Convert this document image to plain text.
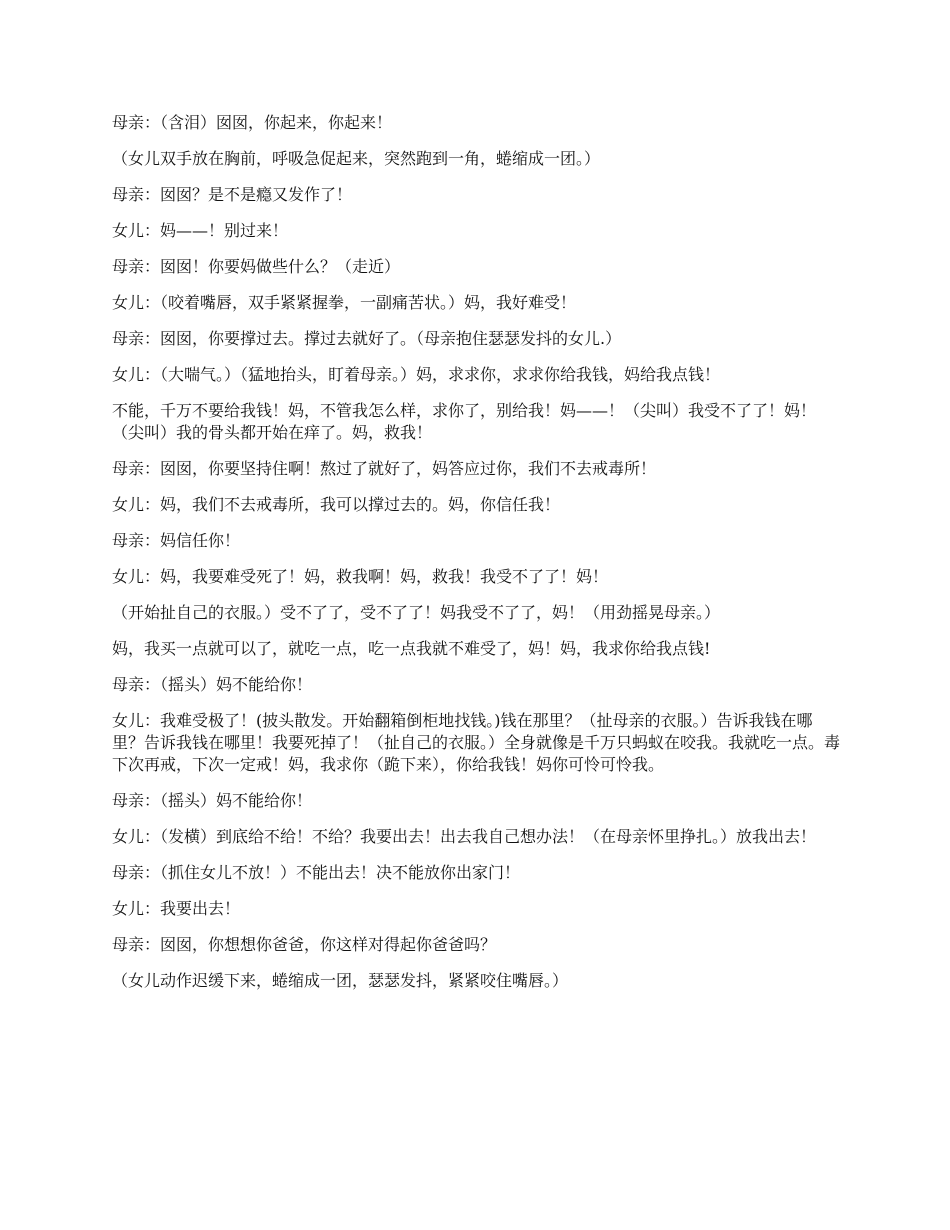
母亲：（含泪）囡囡，你起来，你起来！

（女儿双手放在胸前，呼吸急促起来，突然跑到一角，蜷缩成一团。）

母亲：囡囡？是不是瘾又发作了！

女儿：妈——！别过来！

母亲：囡囡！你要妈做些什么？（走近）

女儿：（咬着嘴唇，双手紧紧握拳，一副痛苦状。）妈，我好难受！

母亲：囡囡，你要撑过去。撑过去就好了。（母亲抱住瑟瑟发抖的女儿.）

女儿：（大喘气。）（猛地抬头，盯着母亲。）妈，求求你，求求你给我钱，妈给我点钱！

不能，千万不要给我钱！妈，不管我怎么样，求你了，别给我！妈——！（尖叫）我受不了了！妈！（尖叫）我的骨头都开始在痒了。妈，救我！

母亲：囡囡，你要坚持住啊！熬过了就好了，妈答应过你，我们不去戒毒所！

女儿：妈，我们不去戒毒所，我可以撑过去的。妈，你信任我！

母亲：妈信任你！

女儿：妈，我要难受死了！妈，救我啊！妈，救我！我受不了了！妈！

（开始扯自己的衣服。）受不了了，受不了了！妈我受不了了，妈！（用劲摇晃母亲。）

妈，我买一点就可以了，就吃一点，吃一点我就不难受了，妈！妈，我求你给我点钱!

母亲：（摇头）妈不能给你！

女儿：我难受极了！(披头散发。开始翻箱倒柜地找钱。)钱在那里？（扯母亲的衣服。）告诉我钱在哪里？告诉我钱在哪里！我要死掉了！（扯自己的衣服。）全身就像是千万只蚂蚁在咬我。我就吃一点。毒下次再戒，下次一定戒！妈，我求你（跪下来），你给我钱！妈你可怜可怜我。

母亲：（摇头）妈不能给你！

女儿：（发横）到底给不给！不给？我要出去！出去我自己想办法！（在母亲怀里挣扎。）放我出去！

母亲：（抓住女儿不放！）不能出去！决不能放你出家门！

女儿：我要出去！

母亲：囡囡，你想想你爸爸，你这样对得起你爸爸吗？

（女儿动作迟缓下来，蜷缩成一团，瑟瑟发抖，紧紧咬住嘴唇。）
